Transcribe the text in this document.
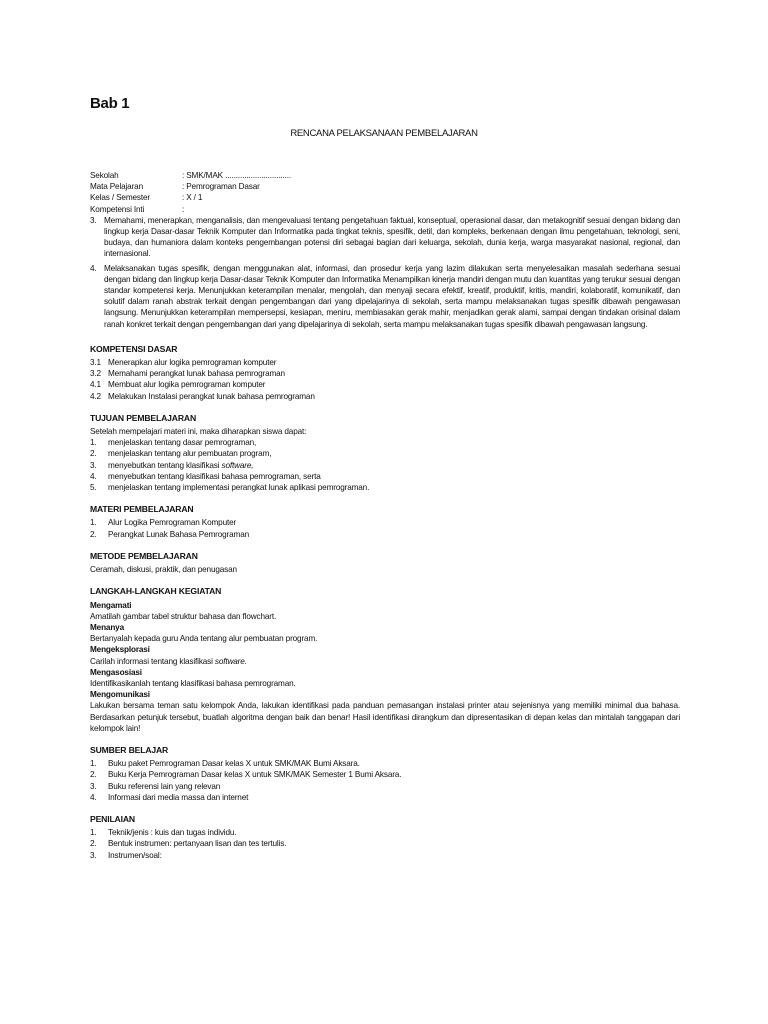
Bab 1
RENCANA PELAKSANAAN PEMBELAJARAN
Sekolah	: SMK/MAK ...............................
Mata Pelajaran	: Pemrograman Dasar
Kelas / Semester	: X / 1
Kompetensi Inti	:
3. Memahami, menerapkan, menganalisis, dan mengevaluasi tentang pengetahuan faktual, konseptual, operasional dasar, dan metakognitif sesuai dengan bidang dan lingkup kerja Dasar-dasar Teknik Komputer dan Informatika pada tingkat teknis, spesifik, detil, dan kompleks, berkenaan dengan ilmu pengetahuan, teknologi, seni, budaya, dan humaniora dalam konteks pengembangan potensi diri sebagai bagian dari keluarga, sekolah, dunia kerja, warga masyarakat nasional, regional, dan internasional.
4. Melaksanakan tugas spesifik, dengan menggunakan alat, informasi, dan prosedur kerja yang lazim dilakukan serta menyelesaikan masalah sederhana sesuai dengan bidang dan lingkup kerja Dasar-dasar Teknik Komputer dan Informatika Menampilkan kinerja mandiri dengan mutu dan kuantitas yang terukur sesuai dengan standar kompetensi kerja. Menunjukkan keterampilan menalar, mengolah, dan menyaji secara efektif, kreatif, produktif, kritis, mandiri, kolaboratif, komunikatif, dan solutif dalam ranah abstrak terkait dengan pengembangan dari yang dipelajarinya di sekolah, serta mampu melaksanakan tugas spesifik dibawah pengawasan langsung. Menunjukkan keterampilan mempersepsi, kesiapan, meniru, membiasakan gerak mahir, menjadikan gerak alami, sampai dengan tindakan orisinal dalam ranah konkret terkait dengan pengembangan dari yang dipelajarinya di sekolah, serta mampu melaksanakan tugas spesifik dibawah pengawasan langsung.
KOMPETENSI DASAR
3.1 Menerapkan alur logika pemrograman komputer
3.2 Memahami perangkat lunak bahasa pemrograman
4.1 Membuat alur logika pemrograman komputer
4.2 Melakukan Instalasi perangkat lunak bahasa pemrograman
TUJUAN PEMBELAJARAN
Setelah mempelajari materi ini, maka diharapkan siswa dapat:
1.	menjelaskan tentang dasar pemrograman,
2.	menjelaskan tentang alur pembuatan program,
3.	menyebutkan tentang klasifikasi software,
4.	menyebutkan tentang klasifikasi bahasa pemrograman, serta
5.	menjelaskan tentang implementasi perangkat lunak aplikasi pemrograman.
MATERI PEMBELAJARAN
1.	Alur Logika Pemrograman Komputer
2.	Perangkat Lunak Bahasa Pemrograman
METODE PEMBELAJARAN
Ceramah, diskusi, praktik, dan penugasan
LANGKAH-LANGKAH KEGIATAN
Mengamati
Amatilah gambar tabel struktur bahasa dan flowchart.
Menanya
Bertanyalah kepada guru Anda tentang alur pembuatan program.
Mengeksplorasi
Carilah informasi tentang klasifikasi software.
Mengasosiasi
Identifikasikanlah tentang klasifikasi bahasa pemrograman.
Mengomunikasi
Lakukan bersama teman satu kelompok Anda, lakukan identifikasi pada panduan pemasangan instalasi printer atau sejenisnya yang memiliki minimal dua bahasa. Berdasarkan petunjuk tersebut, buatlah algoritma dengan baik dan benar! Hasil identifikasi dirangkum dan dipresentasikan di depan kelas dan mintalah tanggapan dari kelompok lain!
SUMBER BELAJAR
1.	Buku paket Pemrograman Dasar kelas X untuk SMK/MAK Bumi Aksara.
2.	Buku Kerja Pemrograman Dasar kelas X untuk SMK/MAK Semester 1 Bumi Aksara.
3.	Buku referensi lain yang relevan
4.	Informasi dari media massa dan internet
PENILAIAN
1.	Teknik/jenis : kuis dan tugas individu.
2.	Bentuk instrumen: pertanyaan lisan dan tes tertulis.
3.	Instrumen/soal:
